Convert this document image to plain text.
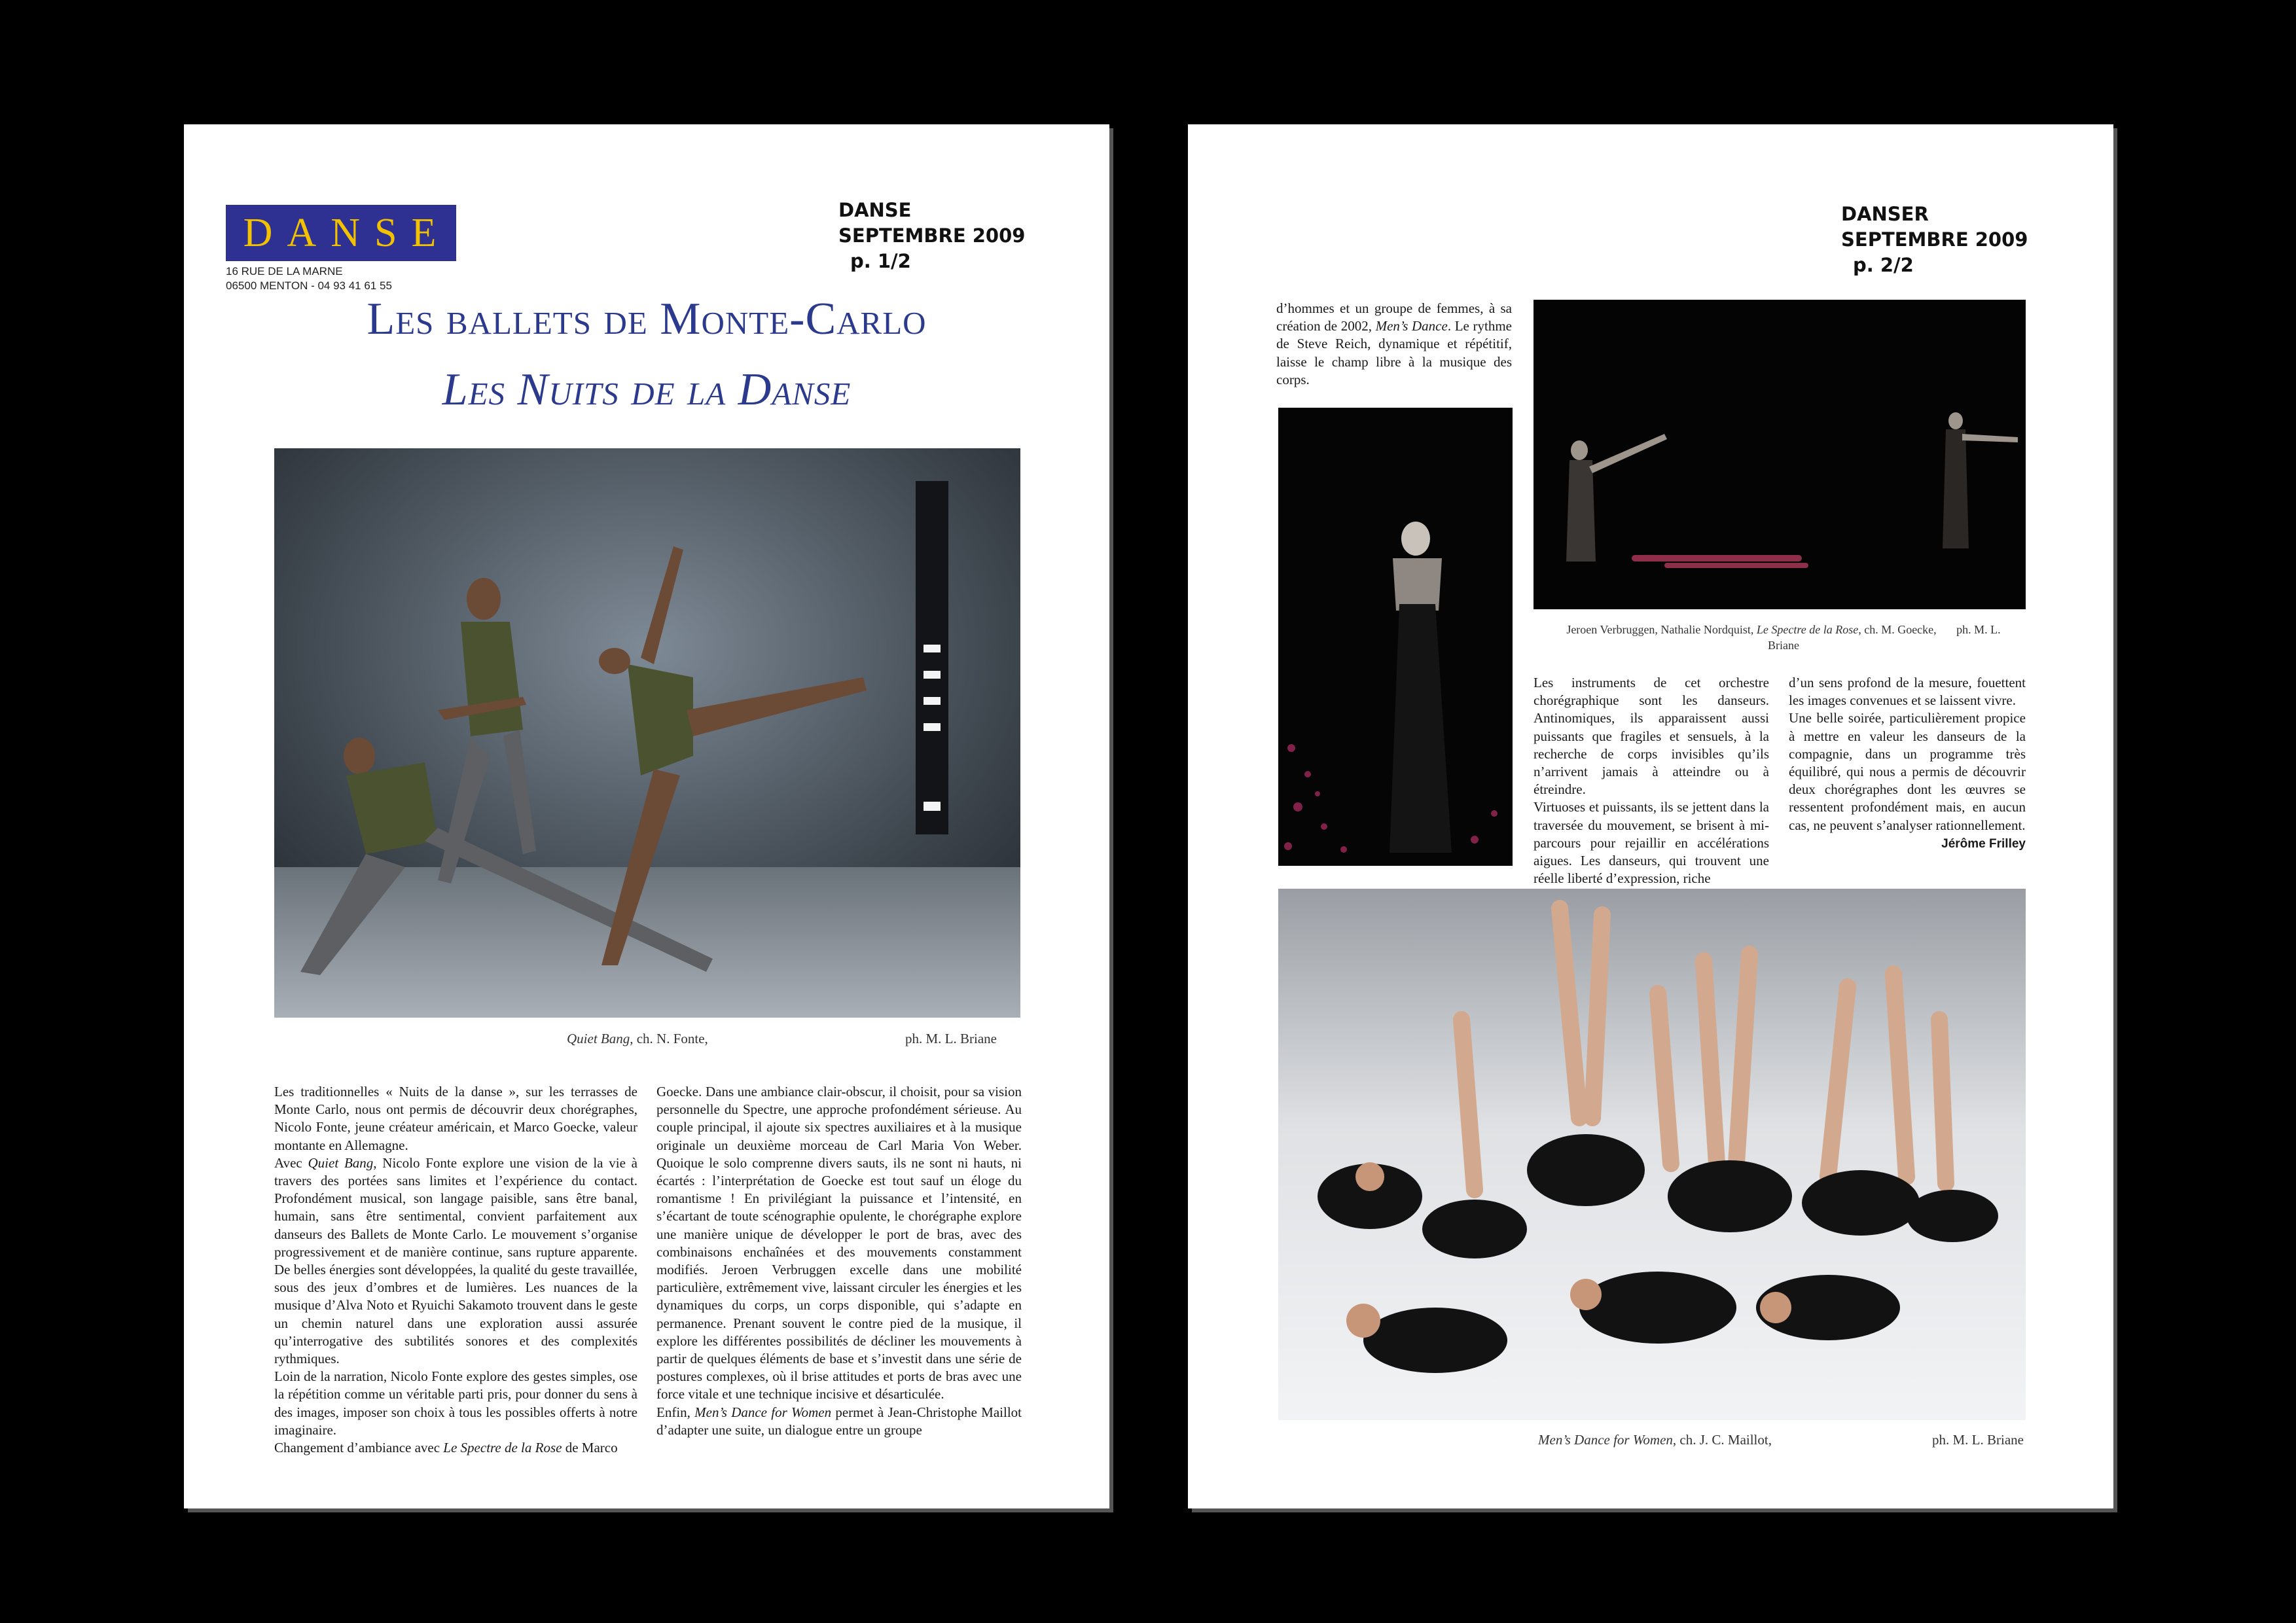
DANSE
16 RUE DE LA MARNE
06500 MENTON - 04 93 41 61 55
DANSE
SEPTEMBRE 2009
p. 1/2
Les ballets de Monte-Carlo
Les Nuits de la Danse
Quiet Bang, ch. N. Fonte,	ph. M. L. Briane

Les traditionnelles « Nuits de la danse », sur les terrasses de Monte Carlo, nous ont permis de découvrir deux chorégraphes, Nicolo Fonte, jeune créateur américain, et Marco Goecke, valeur montante en Allemagne.

Avec Quiet Bang, Nicolo Fonte explore une vision de la vie à travers des portées sans limites et l’expérience du contact. Profondément musical, son langage paisible, sans être banal, humain, sans être sentimental, convient parfaitement aux danseurs des Ballets de Monte Carlo. Le mouvement s’organise progressivement et de manière continue, sans rupture apparente. De belles énergies sont développées, la qualité du geste travaillée, sous des jeux d’ombres et de lumières. Les nuances de la musique d’Alva Noto et Ryuichi Sakamoto trouvent dans le geste un chemin naturel dans une exploration aussi assurée qu’interrogative des subtilités sonores et des complexités rythmiques.

Loin de la narration, Nicolo Fonte explore des gestes simples, ose la répétition comme un véritable parti pris, pour donner du sens à des images, imposer son choix à tous les possibles offerts à notre imaginaire.

Changement d’ambiance avec Le Spectre de la Rose de Marco

Goecke. Dans une ambiance clair-obscur, il choisit, pour sa vision personnelle du Spectre, une approche profondément sérieuse. Au couple principal, il ajoute six spectres auxiliaires et à la musique originale un deuxième morceau de Carl Maria Von Weber. Quoique le solo comprenne divers sauts, ils ne sont ni hauts, ni écartés : l’interprétation de Goecke est tout sauf un éloge du romantisme ! En privilégiant la puissance et l’intensité, en s’écartant de toute scénographie opulente, le chorégraphe explore une manière unique de développer le port de bras, avec des combinaisons enchaînées et des mouvements constamment modifiés. Jeroen Verbruggen excelle dans une mobilité particulière, extrêmement vive, laissant circuler les énergies et les dynamiques du corps, un corps disponible, qui s’adapte en permanence. Prenant souvent le contre pied de la musique, il explore les différentes possibilités de décliner les mouvements à partir de quelques éléments de base et s’investit dans une série de postures complexes, où il brise attitudes et ports de bras avec une force vitale et une technique incisive et désarticulée.

Enfin, Men’s Dance for Women permet à Jean-Christophe Maillot d’adapter une suite, un dialogue entre un groupe

DANSER
SEPTEMBRE 2009
p. 2/2

d’hommes et un groupe de femmes, à sa création de 2002, Men’s Dance. Le rythme de Steve Reich, dynamique et répétitif, laisse le champ libre à la musique des corps.

Jeroen Verbruggen, Nathalie Nordquist, Le Spectre de la Rose, ch. M. Goecke, ph. M. L.
Briane

Les instruments de cet orchestre chorégraphique sont les danseurs. Antinomiques, ils apparaissent aussi puissants que fragiles et sensuels, à la recherche de corps invisibles qu’ils n’arrivent jamais à atteindre ou à étreindre.

Virtuoses et puissants, ils se jettent dans la traversée du mouvement, se brisent à mi-parcours pour rejaillir en accélérations aigues. Les danseurs, qui trouvent une réelle liberté d’expression, riche

d’un sens profond de la mesure, fouettent les images convenues et se laissent vivre.

Une belle soirée, particulièrement propice à mettre en valeur les danseurs de la compagnie, dans un programme très équilibré, qui nous a permis de découvrir deux chorégraphes dont les œuvres se ressentent profondément mais, en aucun cas, ne peuvent s’analyser rationnellement.

Jérôme Frilley

Men’s Dance for Women, ch. J. C. Maillot,	ph. M. L. Briane
